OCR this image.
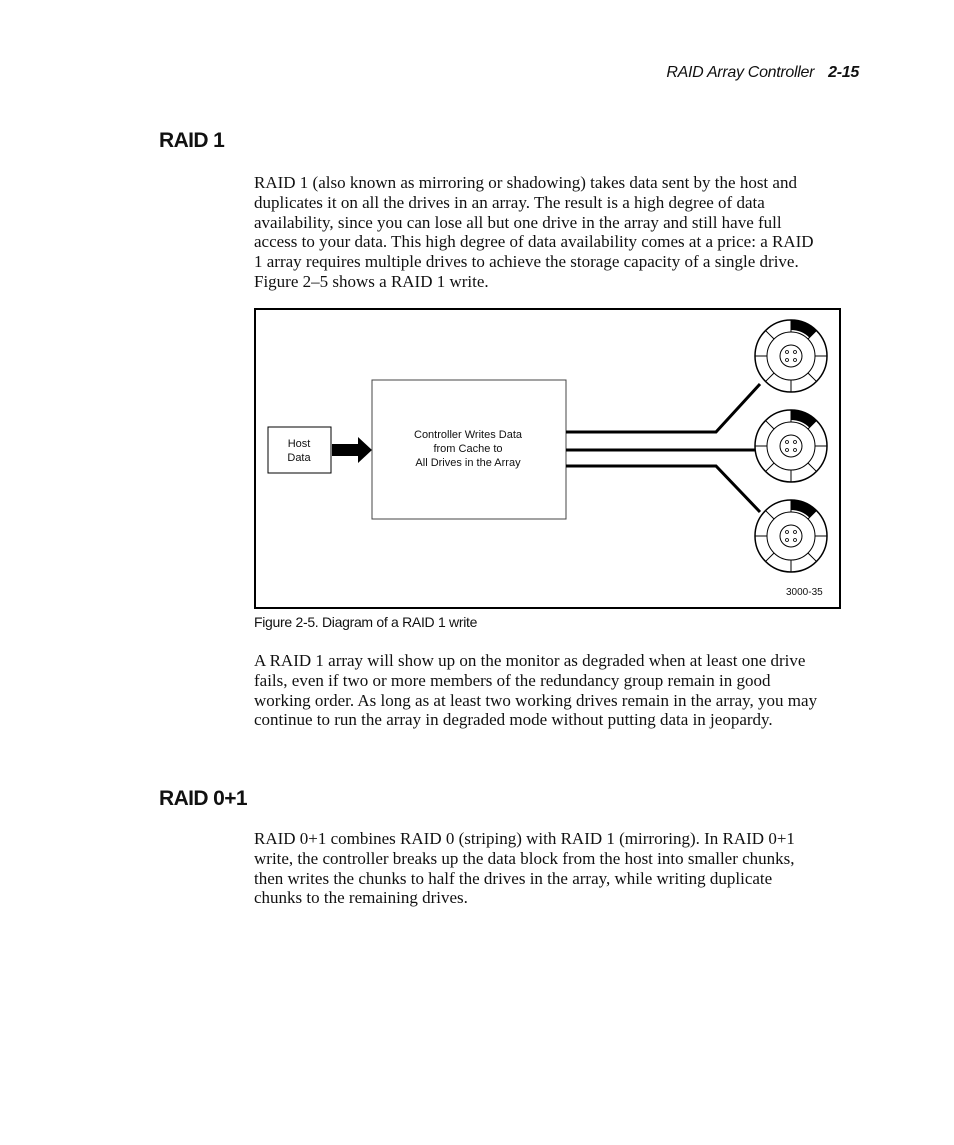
RAID Array Controller 2-15
RAID 1

RAID 1 (also known as mirroring or shadowing) takes data sent by the host and duplicates it on all the drives in an array. The result is a high degree of data availability, since you can lose all but one drive in the array and still have full access to your data. This high degree of data availability comes at a price: a RAID 1 array requires multiple drives to achieve the storage capacity of a single drive. Figure 2–5 shows a RAID 1 write.

Host
Data
Controller Writes Data
from Cache to
All Drives in the Array
3000-35

Figure 2-5. Diagram of a RAID 1 write

A RAID 1 array will show up on the monitor as degraded when at least one drive fails, even if two or more members of the redundancy group remain in good working order. As long as at least two working drives remain in the array, you may continue to run the array in degraded mode without putting data in jeopardy.

RAID 0+1

RAID 0+1 combines RAID 0 (striping) with RAID 1 (mirroring). In RAID 0+1 write, the controller breaks up the data block from the host into smaller chunks, then writes the chunks to half the drives in the array, while writing duplicate chunks to the remaining drives.
